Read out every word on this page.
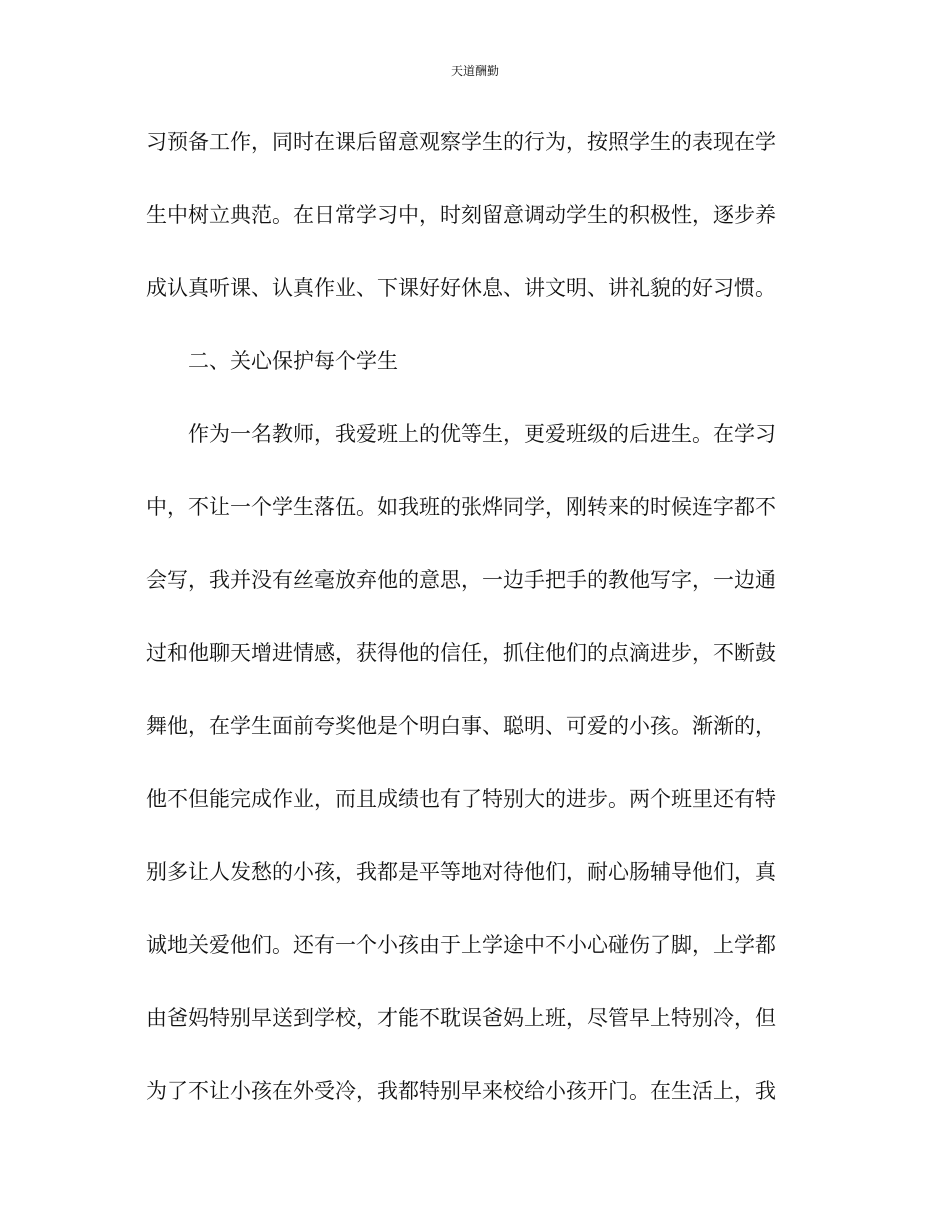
天道酬勤
习预备工作，同时在课后留意观察学生的行为，按照学生的表现在学
生中树立典范。在日常学习中，时刻留意调动学生的积极性，逐步养
成认真听课、认真作业、下课好好休息、讲文明、讲礼貌的好习惯。
二、关心保护每个学生
作为一名教师，我爱班上的优等生，更爱班级的后进生。在学习
中，不让一个学生落伍。如我班的张烨同学，刚转来的时候连字都不
会写，我并没有丝毫放弃他的意思，一边手把手的教他写字，一边通
过和他聊天增进情感，获得他的信任，抓住他们的点滴进步，不断鼓
舞他，在学生面前夸奖他是个明白事、聪明、可爱的小孩。渐渐的，
他不但能完成作业，而且成绩也有了特别大的进步。两个班里还有特
别多让人发愁的小孩，我都是平等地对待他们，耐心肠辅导他们，真
诚地关爱他们。还有一个小孩由于上学途中不小心碰伤了脚，上学都
由爸妈特别早送到学校，才能不耽误爸妈上班，尽管早上特别冷，但
为了不让小孩在外受冷，我都特别早来校给小孩开门。在生活上，我
